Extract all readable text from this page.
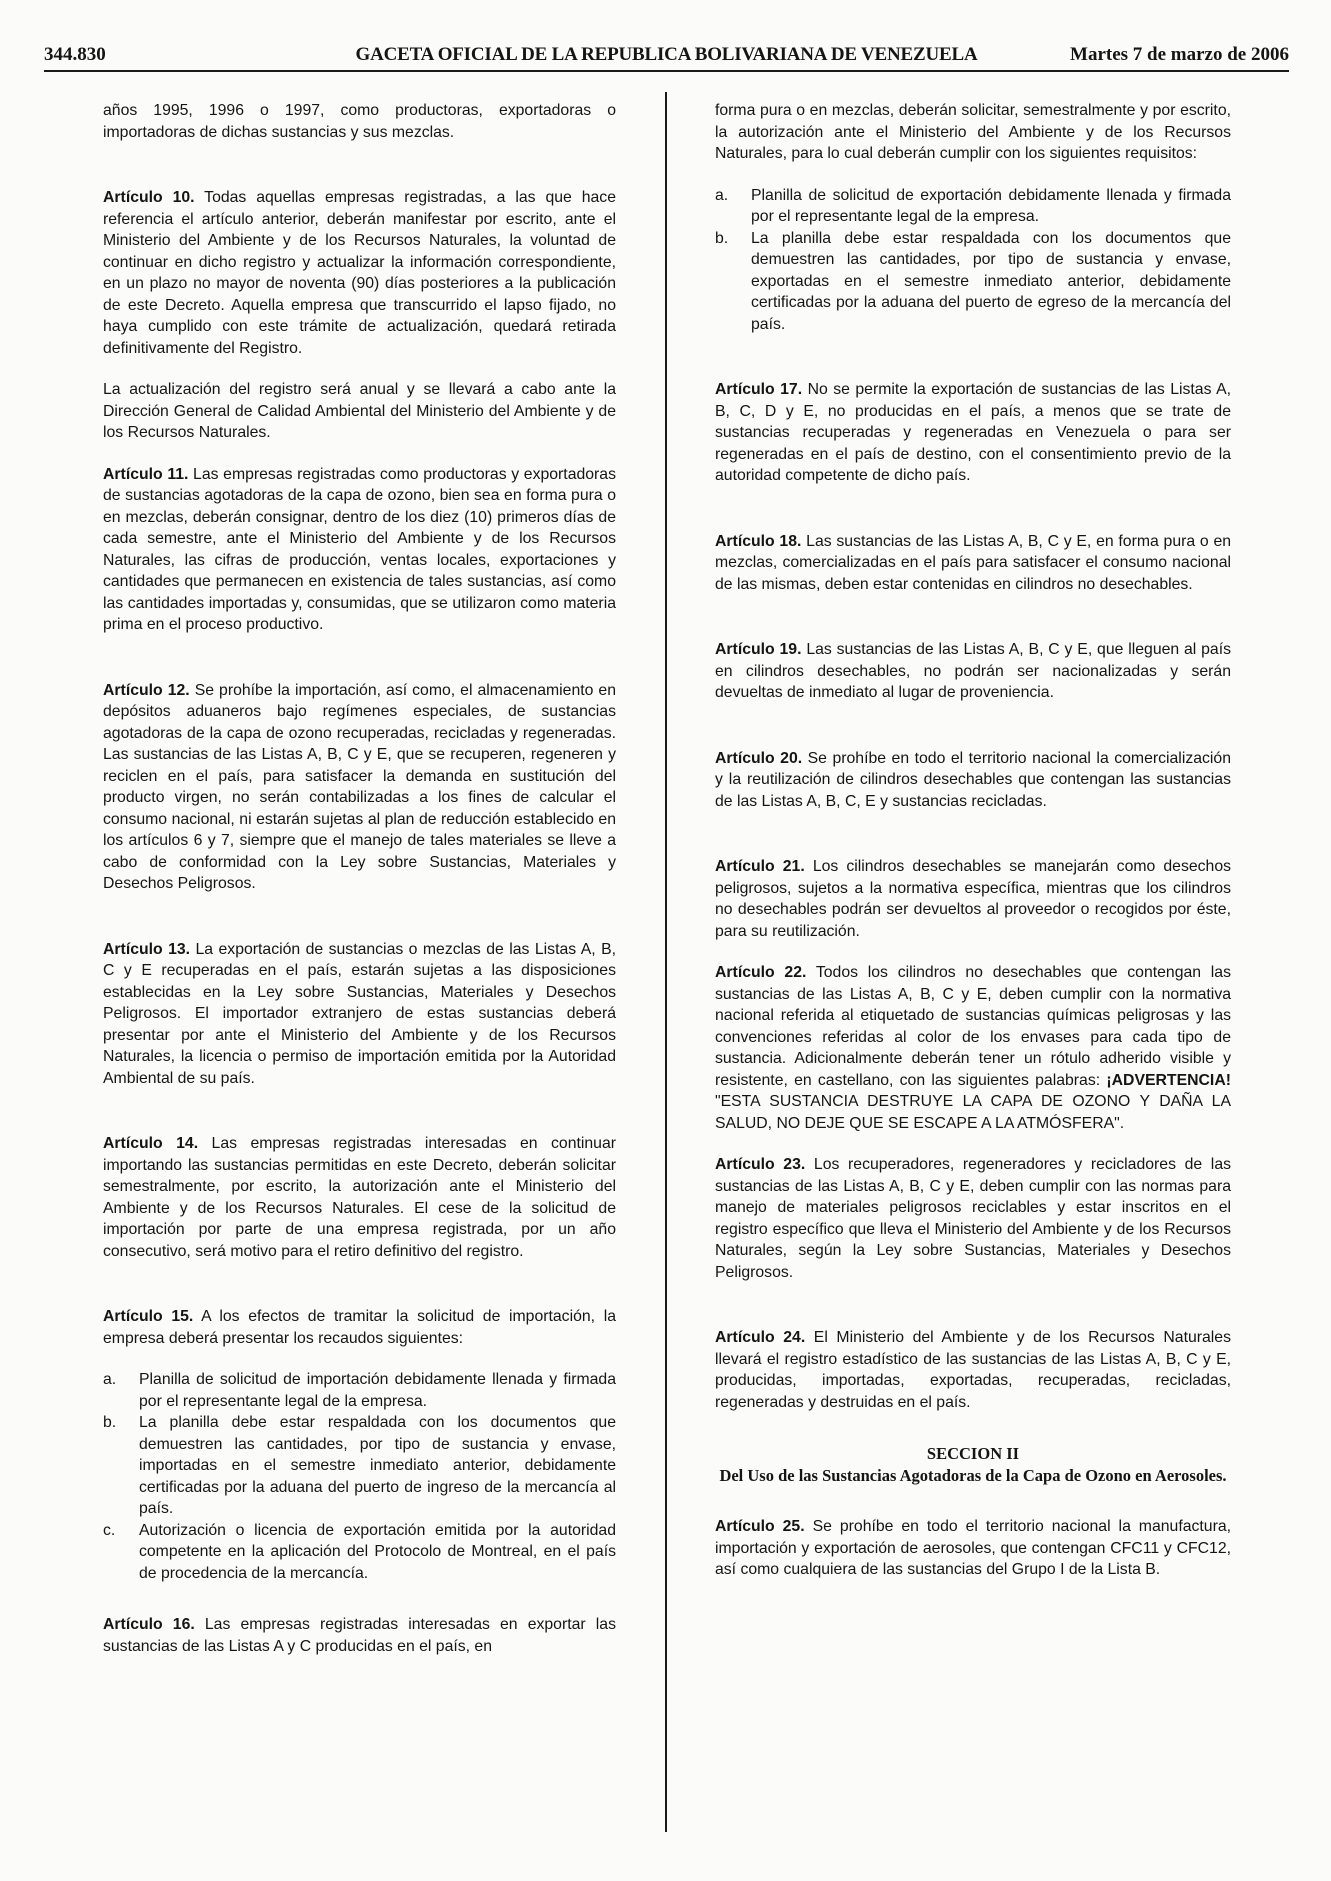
344.830	GACETA OFICIAL DE LA REPUBLICA BOLIVARIANA DE VENEZUELA	Martes 7 de marzo de 2006

años 1995, 1996 o 1997, como productoras, exportadoras o importadoras de dichas sustancias y sus mezclas.

Artículo 10. Todas aquellas empresas registradas, a las que hace referencia el artículo anterior, deberán manifestar por escrito, ante el Ministerio del Ambiente y de los Recursos Naturales, la voluntad de continuar en dicho registro y actualizar la información correspondiente, en un plazo no mayor de noventa (90) días posteriores a la publicación de este Decreto. Aquella empresa que transcurrido el lapso fijado, no haya cumplido con este trámite de actualización, quedará retirada definitivamente del Registro.

La actualización del registro será anual y se llevará a cabo ante la Dirección General de Calidad Ambiental del Ministerio del Ambiente y de los Recursos Naturales.

Artículo 11. Las empresas registradas como productoras y exportadoras de sustancias agotadoras de la capa de ozono, bien sea en forma pura o en mezclas, deberán consignar, dentro de los diez (10) primeros días de cada semestre, ante el Ministerio del Ambiente y de los Recursos Naturales, las cifras de producción, ventas locales, exportaciones y cantidades que permanecen en existencia de tales sustancias, así como las cantidades importadas y, consumidas, que se utilizaron como materia prima en el proceso productivo.

Artículo 12. Se prohíbe la importación, así como, el almacenamiento en depósitos aduaneros bajo regímenes especiales, de sustancias agotadoras de la capa de ozono recuperadas, recicladas y regeneradas. Las sustancias de las Listas A, B, C y E, que se recuperen, regeneren y reciclen en el país, para satisfacer la demanda en sustitución del producto virgen, no serán contabilizadas a los fines de calcular el consumo nacional, ni estarán sujetas al plan de reducción establecido en los artículos 6 y 7, siempre que el manejo de tales materiales se lleve a cabo de conformidad con la Ley sobre Sustancias, Materiales y Desechos Peligrosos.

Artículo 13. La exportación de sustancias o mezclas de las Listas A, B, C y E recuperadas en el país, estarán sujetas a las disposiciones establecidas en la Ley sobre Sustancias, Materiales y Desechos Peligrosos. El importador extranjero de estas sustancias deberá presentar por ante el Ministerio del Ambiente y de los Recursos Naturales, la licencia o permiso de importación emitida por la Autoridad Ambiental de su país.

Artículo 14. Las empresas registradas interesadas en continuar importando las sustancias permitidas en este Decreto, deberán solicitar semestralmente, por escrito, la autorización ante el Ministerio del Ambiente y de los Recursos Naturales. El cese de la solicitud de importación por parte de una empresa registrada, por un año consecutivo, será motivo para el retiro definitivo del registro.

Artículo 15. A los efectos de tramitar la solicitud de importación, la empresa deberá presentar los recaudos siguientes:

a. Planilla de solicitud de importación debidamente llenada y firmada por el representante legal de la empresa.
b. La planilla debe estar respaldada con los documentos que demuestren las cantidades, por tipo de sustancia y envase, importadas en el semestre inmediato anterior, debidamente certificadas por la aduana del puerto de ingreso de la mercancía al país.
c. Autorización o licencia de exportación emitida por la autoridad competente en la aplicación del Protocolo de Montreal, en el país de procedencia de la mercancía.

Artículo 16. Las empresas registradas interesadas en exportar las sustancias de las Listas A y C producidas en el país, en

forma pura o en mezclas, deberán solicitar, semestralmente y por escrito, la autorización ante el Ministerio del Ambiente y de los Recursos Naturales, para lo cual deberán cumplir con los siguientes requisitos:

a. Planilla de solicitud de exportación debidamente llenada y firmada por el representante legal de la empresa.
b. La planilla debe estar respaldada con los documentos que demuestren las cantidades, por tipo de sustancia y envase, exportadas en el semestre inmediato anterior, debidamente certificadas por la aduana del puerto de egreso de la mercancía del país.

Artículo 17. No se permite la exportación de sustancias de las Listas A, B, C, D y E, no producidas en el país, a menos que se trate de sustancias recuperadas y regeneradas en Venezuela o para ser regeneradas en el país de destino, con el consentimiento previo de la autoridad competente de dicho país.

Artículo 18. Las sustancias de las Listas A, B, C y E, en forma pura o en mezclas, comercializadas en el país para satisfacer el consumo nacional de las mismas, deben estar contenidas en cilindros no desechables.

Artículo 19. Las sustancias de las Listas A, B, C y E, que lleguen al país en cilindros desechables, no podrán ser nacionalizadas y serán devueltas de inmediato al lugar de proveniencia.

Artículo 20. Se prohíbe en todo el territorio nacional la comercialización y la reutilización de cilindros desechables que contengan las sustancias de las Listas A, B, C, E y sustancias recicladas.

Artículo 21. Los cilindros desechables se manejarán como desechos peligrosos, sujetos a la normativa específica, mientras que los cilindros no desechables podrán ser devueltos al proveedor o recogidos por éste, para su reutilización.

Artículo 22. Todos los cilindros no desechables que contengan las sustancias de las Listas A, B, C y E, deben cumplir con la normativa nacional referida al etiquetado de sustancias químicas peligrosas y las convenciones referidas al color de los envases para cada tipo de sustancia. Adicionalmente deberán tener un rótulo adherido visible y resistente, en castellano, con las siguientes palabras: ¡ADVERTENCIA! "ESTA SUSTANCIA DESTRUYE LA CAPA DE OZONO Y DAÑA LA SALUD, NO DEJE QUE SE ESCAPE A LA ATMÓSFERA".

Artículo 23. Los recuperadores, regeneradores y recicladores de las sustancias de las Listas A, B, C y E, deben cumplir con las normas para manejo de materiales peligrosos reciclables y estar inscritos en el registro específico que lleva el Ministerio del Ambiente y de los Recursos Naturales, según la Ley sobre Sustancias, Materiales y Desechos Peligrosos.

Artículo 24. El Ministerio del Ambiente y de los Recursos Naturales llevará el registro estadístico de las sustancias de las Listas A, B, C y E, producidas, importadas, exportadas, recuperadas, recicladas, regeneradas y destruidas en el país.

SECCION II

Del Uso de las Sustancias Agotadoras de la Capa de Ozono en Aerosoles.

Artículo 25. Se prohíbe en todo el territorio nacional la manufactura, importación y exportación de aerosoles, que contengan CFC11 y CFC12, así como cualquiera de las sustancias del Grupo I de la Lista B.
